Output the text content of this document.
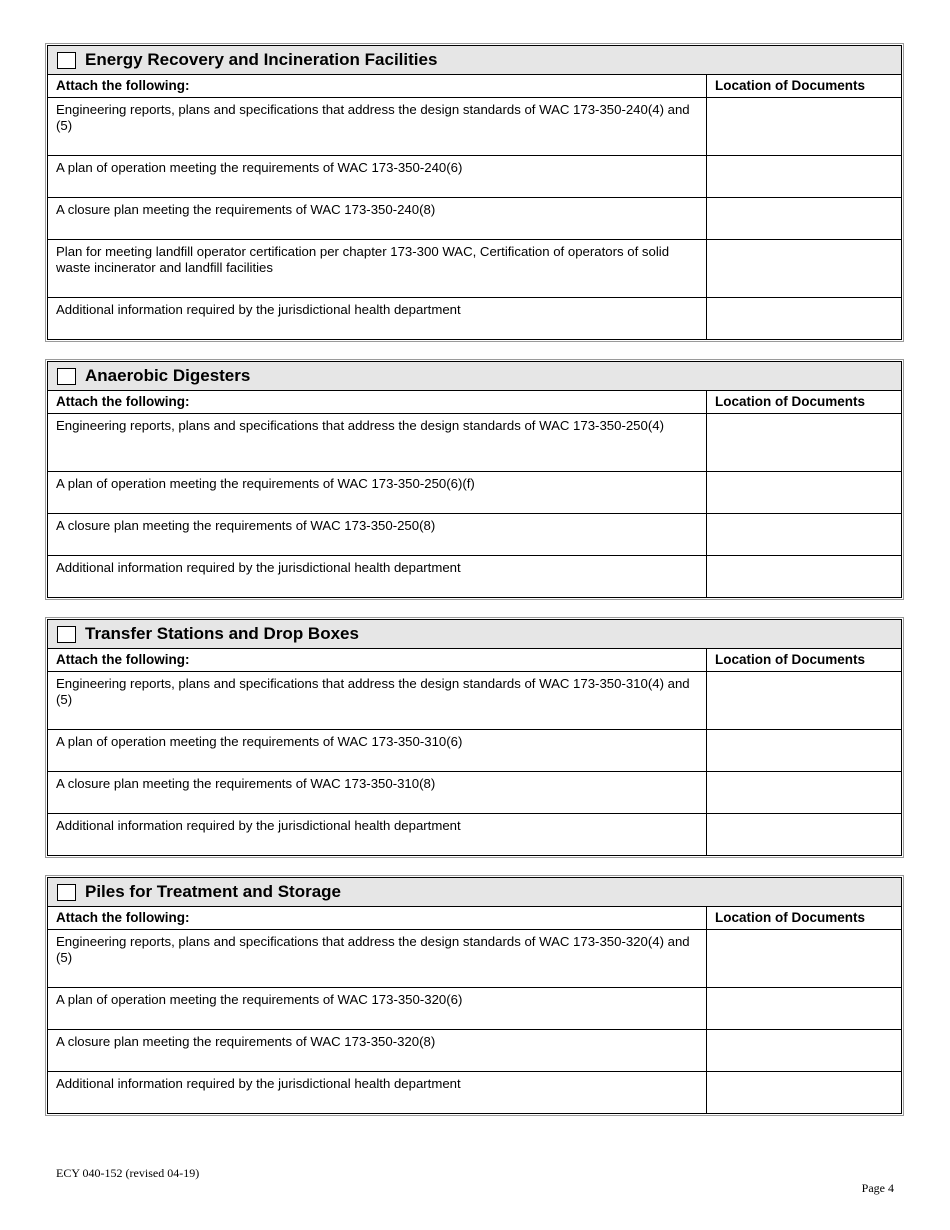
Energy Recovery and Incineration Facilities
Attach the following:	Location of Documents
Engineering reports, plans and specifications that address the design standards of WAC 173-350-240(4) and (5)
A plan of operation meeting the requirements of WAC 173-350-240(6)
A closure plan meeting the requirements of WAC 173-350-240(8)
Plan for meeting landfill operator certification per chapter 173-300 WAC, Certification of operators of solid waste incinerator and landfill facilities
Additional information required by the jurisdictional health department
Anaerobic Digesters
Attach the following:	Location of Documents
Engineering reports, plans and specifications that address the design standards of WAC 173-350-250(4)
A plan of operation meeting the requirements of WAC 173-350-250(6)(f)
A closure plan meeting the requirements of WAC 173-350-250(8)
Additional information required by the jurisdictional health department
Transfer Stations and Drop Boxes
Attach the following:	Location of Documents
Engineering reports, plans and specifications that address the design standards of WAC 173-350-310(4) and (5)
A plan of operation meeting the requirements of WAC 173-350-310(6)
A closure plan meeting the requirements of WAC 173-350-310(8)
Additional information required by the jurisdictional health department
Piles for Treatment and Storage
Attach the following:	Location of Documents
Engineering reports, plans and specifications that address the design standards of WAC 173-350-320(4) and (5)
A plan of operation meeting the requirements of WAC 173-350-320(6)
A closure plan meeting the requirements of WAC 173-350-320(8)
Additional information required by the jurisdictional health department
ECY 040-152 (revised 04-19)
Page 4
